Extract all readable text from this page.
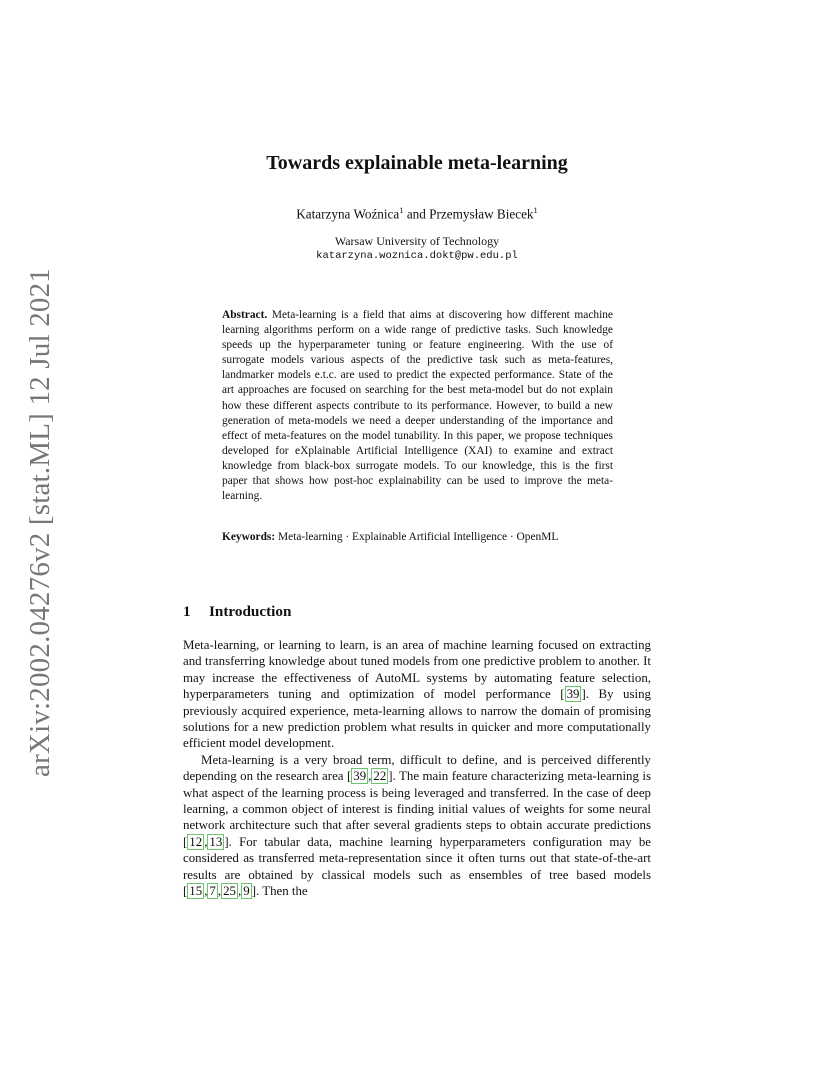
arXiv:2002.04276v2 [stat.ML] 12 Jul 2021
Towards explainable meta-learning
Katarzyna Woźnica$^1$ and Przemysław Biecek$^1$
Warsaw University of Technology
katarzyna.woznica.dokt@pw.edu.pl
Abstract. Meta-learning is a field that aims at discovering how different machine learning algorithms perform on a wide range of predictive tasks. Such knowledge speeds up the hyperparameter tuning or feature engineering. With the use of surrogate models various aspects of the predictive task such as meta-features, landmarker models e.t.c. are used to predict the expected performance. State of the art approaches are focused on searching for the best meta-model but do not explain how these different aspects contribute to its performance. However, to build a new generation of meta-models we need a deeper understanding of the importance and effect of meta-features on the model tunability. In this paper, we propose techniques developed for eXplainable Artificial Intelligence (XAI) to examine and extract knowledge from black-box surrogate models. To our knowledge, this is the first paper that shows how post-hoc explainability can be used to improve the meta-learning.
Keywords: Meta-learning · Explainable Artificial Intelligence · OpenML
1 Introduction

Meta-learning, or learning to learn, is an area of machine learning focused on extracting and transferring knowledge about tuned models from one predictive problem to another. It may increase the effectiveness of AutoML systems by automating feature selection, hyperparameters tuning and optimization of model performance [ 39 ]. By using previously acquired experience, meta-learning allows to narrow the domain of promising solutions for a new prediction problem what results in quicker and more computationally efficient model development.

Meta-learning is a very broad term, difficult to define, and is perceived differently depending on the research area [ 39 , 22 ]. The main feature characterizing meta-learning is what aspect of the learning process is being leveraged and transferred. In the case of deep learning, a common object of interest is finding initial values of weights for some neural network architecture such that after several gradients steps to obtain accurate predictions [ 12 , 13 ]. For tabular data, machine learning hyperparameters configuration may be considered as transferred meta-representation since it often turns out that state-of-the-art results are obtained by classical models such as ensembles of tree based models [ 15 , 7 , 25 , 9 ]. Then the
